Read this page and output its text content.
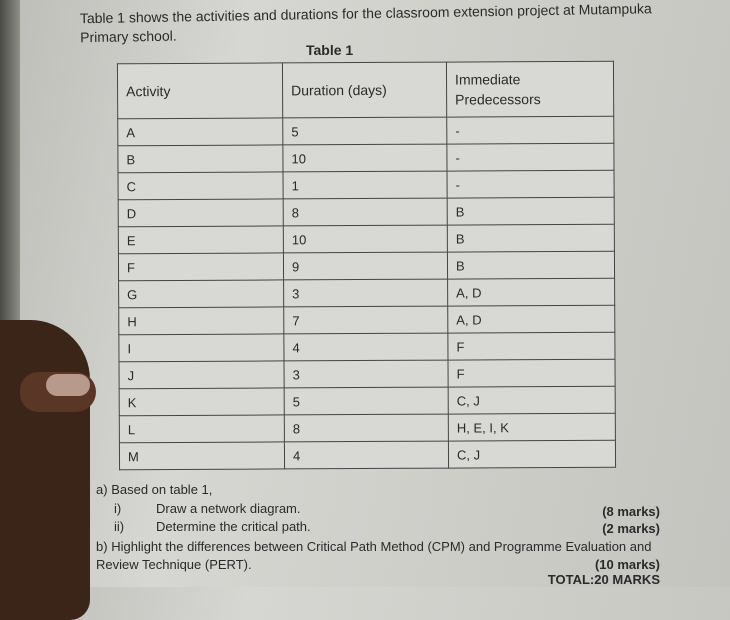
Table 1 shows the activities and durations for the classroom extension project at Mutampuka Primary school.
Activity	Duration (days)	Immediate Predecessors
A	5	-
B	10	-
C	1	-
D	8	B
E	10	B
F	9	B
G	3	A, D
H	7	A, D
I	4	F
J	3	F
K	5	C, J
L	8	H, E, I, K
M	4	C, J
Table 1
a) Based on table 1,
i)	Draw a network diagram.	(8 marks)
ii) Determine the critical path.	(2 marks)
b) Highlight the differences between Critical Path Method (CPM) and Programme Evaluation and Review Technique (PERT).	(10 marks)
TOTAL:20 MARKS
